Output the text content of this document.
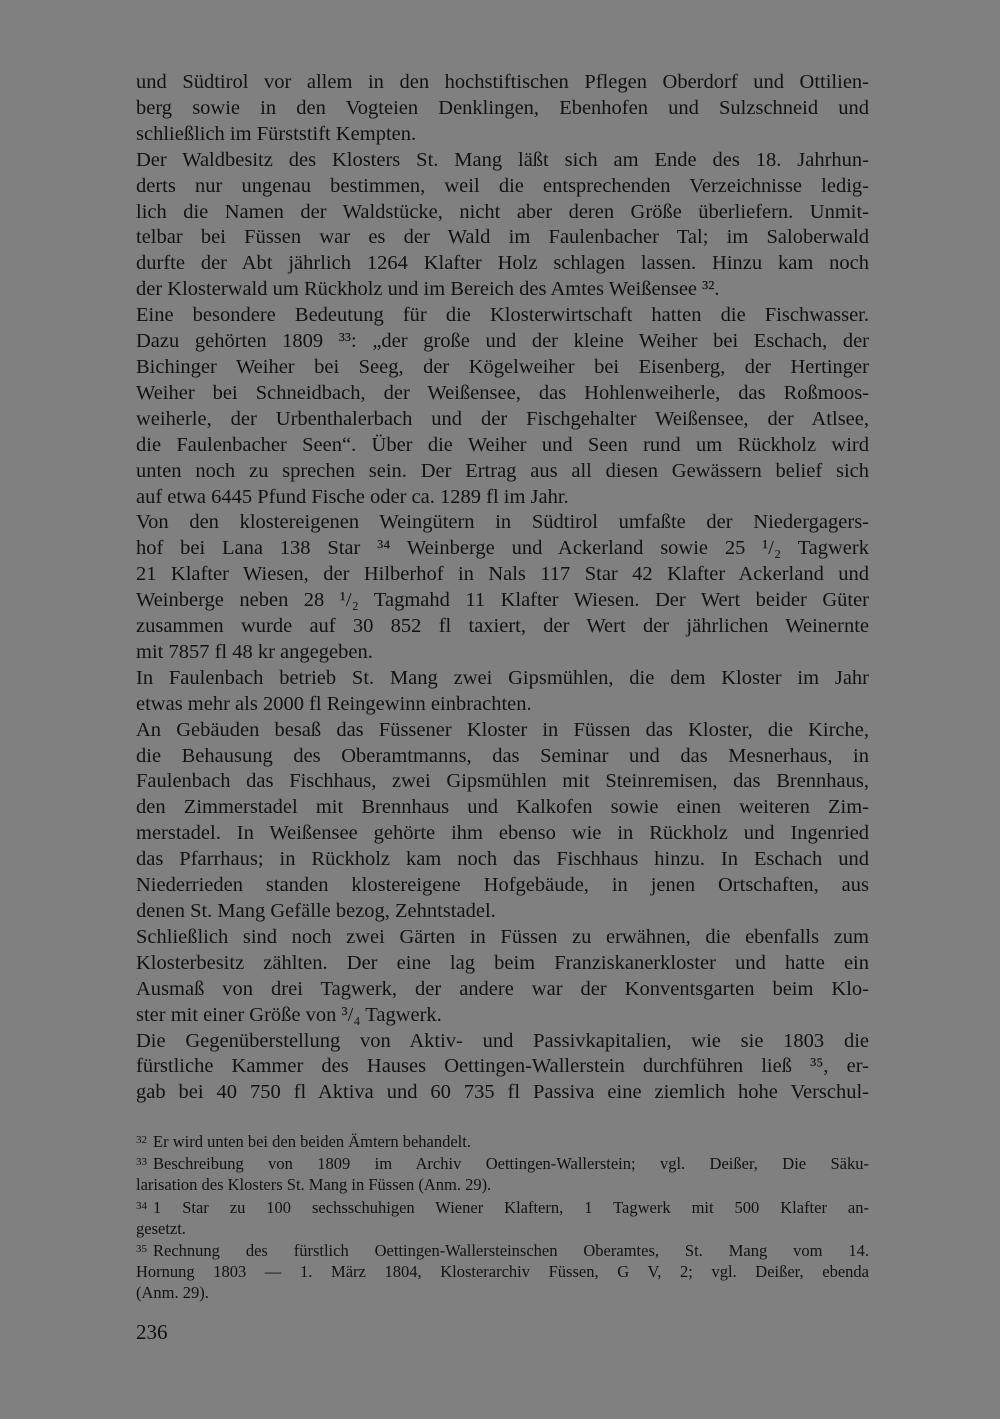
und Südtirol vor allem in den hochstiftischen Pflegen Oberdorf und Ottilien-
berg sowie in den Vogteien Denklingen, Ebenhofen und Sulzschneid und
schließlich im Fürststift Kempten.

Der Waldbesitz des Klosters St. Mang läßt sich am Ende des 18. Jahrhun-
derts nur ungenau bestimmen, weil die entsprechenden Verzeichnisse ledig-
lich die Namen der Waldstücke, nicht aber deren Größe überliefern. Unmit-
telbar bei Füssen war es der Wald im Faulenbacher Tal; im Saloberwald
durfte der Abt jährlich 1264 Klafter Holz schlagen lassen. Hinzu kam noch
der Klosterwald um Rückholz und im Bereich des Amtes Weißensee ³².

Eine besondere Bedeutung für die Klosterwirtschaft hatten die Fischwasser.
Dazu gehörten 1809 ³³: „der große und der kleine Weiher bei Eschach, der
Bichinger Weiher bei Seeg, der Kögelweiher bei Eisenberg, der Hertinger
Weiher bei Schneidbach, der Weißensee, das Hohlenweiherle, das Roßmoos-
weiherle, der Urbenthalerbach und der Fischgehalter Weißensee, der Atlsee,
die Faulenbacher Seen“. Über die Weiher und Seen rund um Rückholz wird
unten noch zu sprechen sein. Der Ertrag aus all diesen Gewässern belief sich
auf etwa 6445 Pfund Fische oder ca. 1289 fl im Jahr.

Von den klostereigenen Weingütern in Südtirol umfaßte der Niedergagers-
hof bei Lana 138 Star ³⁴ Weinberge und Ackerland sowie 25 ¹/₂ Tagwerk
21 Klafter Wiesen, der Hilberhof in Nals 117 Star 42 Klafter Ackerland und
Weinberge neben 28 ¹/₂ Tagmahd 11 Klafter Wiesen. Der Wert beider Güter
zusammen wurde auf 30 852 fl taxiert, der Wert der jährlichen Weinernte
mit 7857 fl 48 kr angegeben.

In Faulenbach betrieb St. Mang zwei Gipsmühlen, die dem Kloster im Jahr
etwas mehr als 2000 fl Reingewinn einbrachten.

An Gebäuden besaß das Füssener Kloster in Füssen das Kloster, die Kirche,
die Behausung des Oberamtmanns, das Seminar und das Mesnerhaus, in
Faulenbach das Fischhaus, zwei Gipsmühlen mit Steinremisen, das Brennhaus,
den Zimmerstadel mit Brennhaus und Kalkofen sowie einen weiteren Zim-
merstadel. In Weißensee gehörte ihm ebenso wie in Rückholz und Ingenried
das Pfarrhaus; in Rückholz kam noch das Fischhaus hinzu. In Eschach und
Niederrieden standen klostereigene Hofgebäude, in jenen Ortschaften, aus
denen St. Mang Gefälle bezog, Zehntstadel.

Schließlich sind noch zwei Gärten in Füssen zu erwähnen, die ebenfalls zum
Klosterbesitz zählten. Der eine lag beim Franziskanerkloster und hatte ein
Ausmaß von drei Tagwerk, der andere war der Konventsgarten beim Klo-
ster mit einer Größe von ³/₄ Tagwerk.

Die Gegenüberstellung von Aktiv- und Passivkapitalien, wie sie 1803 die
fürstliche Kammer des Hauses Oettingen-Wallerstein durchführen ließ ³⁵, er-
gab bei 40 750 fl Aktiva und 60 735 fl Passiva eine ziemlich hohe Verschul-

$^{32}$ Er wird unten bei den beiden Ämtern behandelt.
$^{33}$ Beschreibung von 1809 im Archiv Oettingen-Wallerstein; vgl. Deißer, Die Säku-
larisation des Klosters St. Mang in Füssen (Anm. 29).
$^{34}$ 1 Star zu 100 sechsschuhigen Wiener Klaftern, 1 Tagwerk mit 500 Klafter an-
gesetzt.
$^{35}$ Rechnung des fürstlich Oettingen-Wallersteinschen Oberamtes, St. Mang vom 14.
Hornung 1803 — 1. März 1804, Klosterarchiv Füssen, G V, 2; vgl. Deißer, ebenda
(Anm. 29).
236
